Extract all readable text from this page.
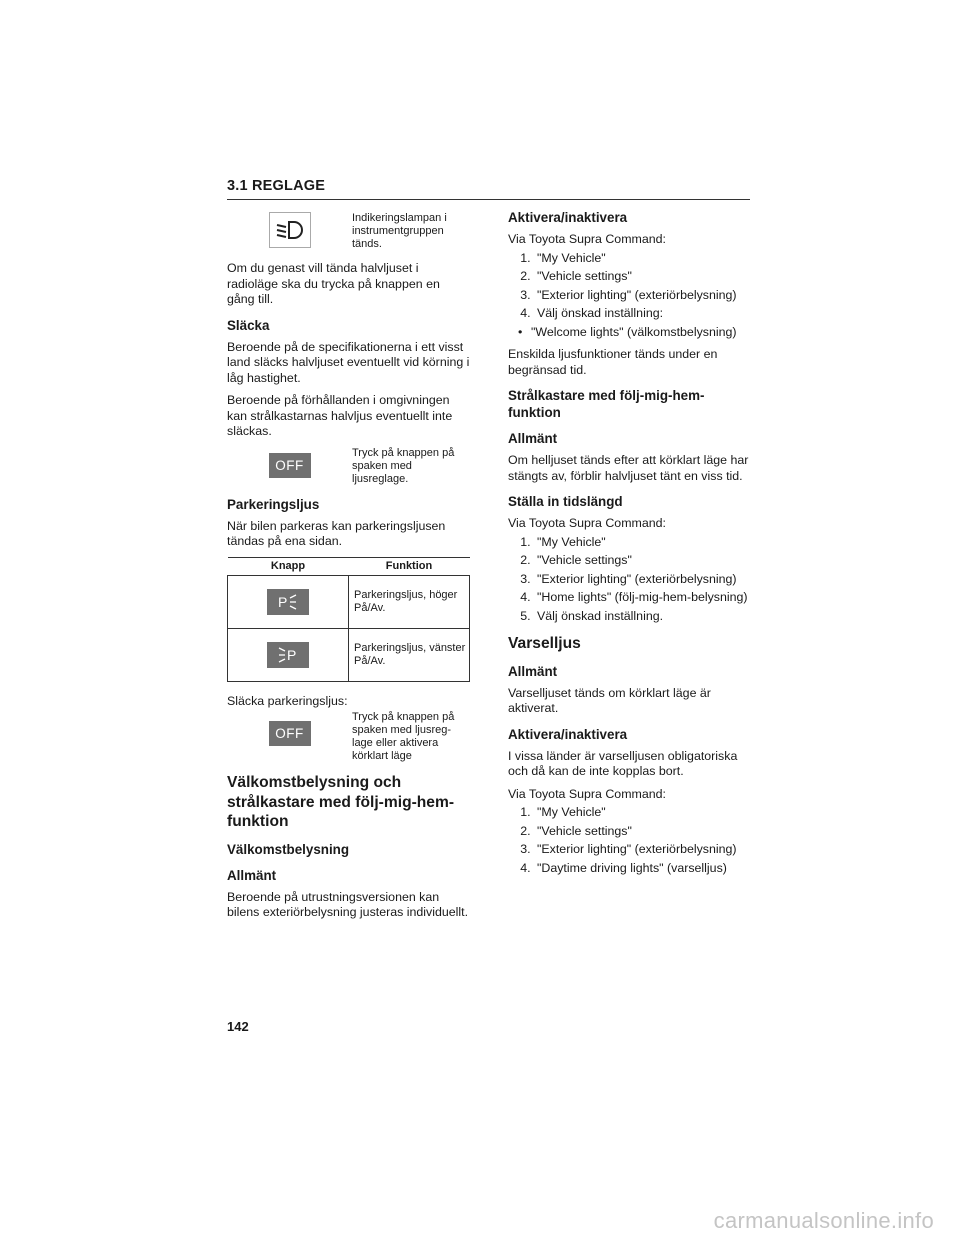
3.1 REGLAGE

Indikeringslampan i instrumentgruppen tänds.

Om du genast vill tända halvljuset i radioläge ska du trycka på knappen en gång till.

Släcka

Beroende på de specifikationerna i ett visst land släcks halvljuset eventuellt vid körning i låg hastighet.

Beroende på förhållanden i omgivningen kan strålkastarnas halvljus eventuellt inte släckas.

OFF

Tryck på knappen på spaken med ljusreglage.

Parkeringsljus

När bilen parkeras kan parkeringsljusen tändas på ena sidan.

Knapp	Funktion

P	Parkeringsljus, höger På/Av.

P	Parkeringsljus, vänster På/Av.

Släcka parkeringsljus:

OFF

Tryck på knappen på spaken med ljusreg-lage eller aktivera körklart läge

Välkomstbelysning och strålkastare med följ-mig-hem-funktion
Välkomstbelysning
Allmänt

Beroende på utrustningsversionen kan bilens exteriörbelysning justeras individuellt.

Aktivera/inaktivera

Via Toyota Supra Command:

1. "My Vehicle"
2. "Vehicle settings"
3. "Exterior lighting" (exteriörbelysning)
4. Välj önskad inställning:
• "Welcome lights" (välkomstbelysning)

Enskilda ljusfunktioner tänds under en begränsad tid.

Strålkastare med följ-mig-hem-funktion
Allmänt

Om helljuset tänds efter att körklart läge har stängts av, förblir halvljuset tänt en viss tid.

Ställa in tidslängd

Via Toyota Supra Command:

1. "My Vehicle"
2. "Vehicle settings"
3. "Exterior lighting" (exteriörbelysning)
4. "Home lights" (följ-mig-hem-belysning)
5. Välj önskad inställning.
Varselljus
Allmänt

Varselljuset tänds om körklart läge är aktiverat.

Aktivera/inaktivera

I vissa länder är varselljusen obligatoriska och då kan de inte kopplas bort.

Via Toyota Supra Command:

1. "My Vehicle"
2. "Vehicle settings"
3. "Exterior lighting" (exteriörbelysning)
4. "Daytime driving lights" (varselljus)
142
carmanualsonline.info
